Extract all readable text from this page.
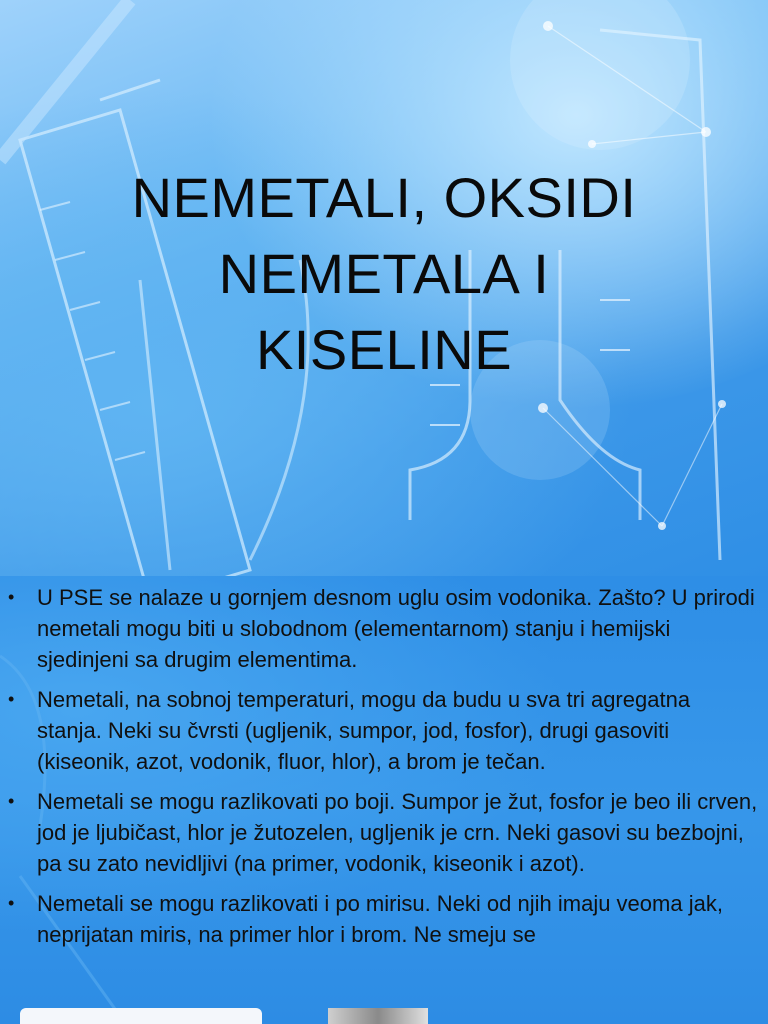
NEMETALI, OKSIDI
NEMETALA I
KISELINE
• U PSE se nalaze u gornjem desnom uglu osim vodonika. Zašto? U prirodi nemetali mogu biti u slobodnom (elementarnom) stanju i hemijski sjedinjeni sa drugim elementima.
• Nemetali, na sobnoj temperaturi, mogu da budu u sva tri agregatna stanja. Neki su čvrsti (ugljenik, sumpor, jod, fosfor), drugi gasoviti (kiseonik, azot, vodonik, fluor, hlor), a brom je tečan.
• Nemetali se mogu razlikovati po boji. Sumpor je žut, fosfor je beo ili crven, jod je ljubičast, hlor je žutozelen, ugljenik je crn. Neki gasovi su bezbojni, pa su zato nevidljivi (na primer, vodonik, kiseonik i azot).
• Nemetali se mogu razlikovati i po mirisu. Neki od njih imaju veoma jak, neprijatan miris, na primer hlor i brom. Ne smeju se
